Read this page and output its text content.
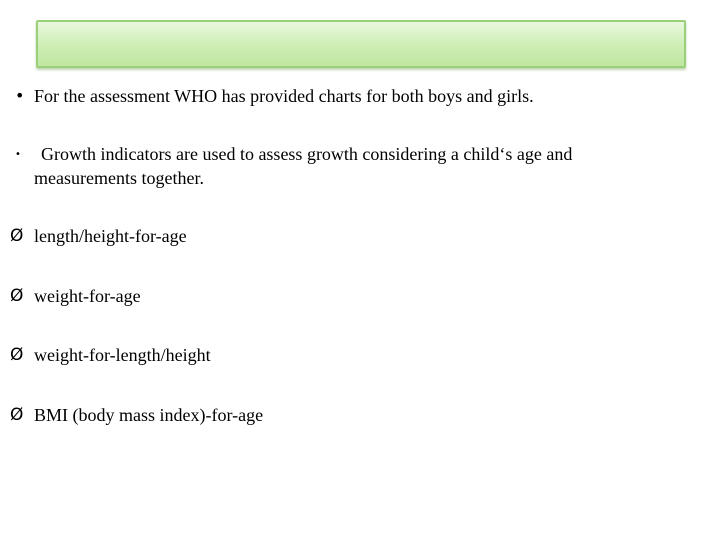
• For the assessment WHO has provided charts for both boys and girls.
• Growth indicators are used to assess growth considering a child‘s age and
measurements together.
Ø length/height-for-age
Ø weight-for-age
Ø weight-for-length/height
Ø BMI (body mass index)-for-age
